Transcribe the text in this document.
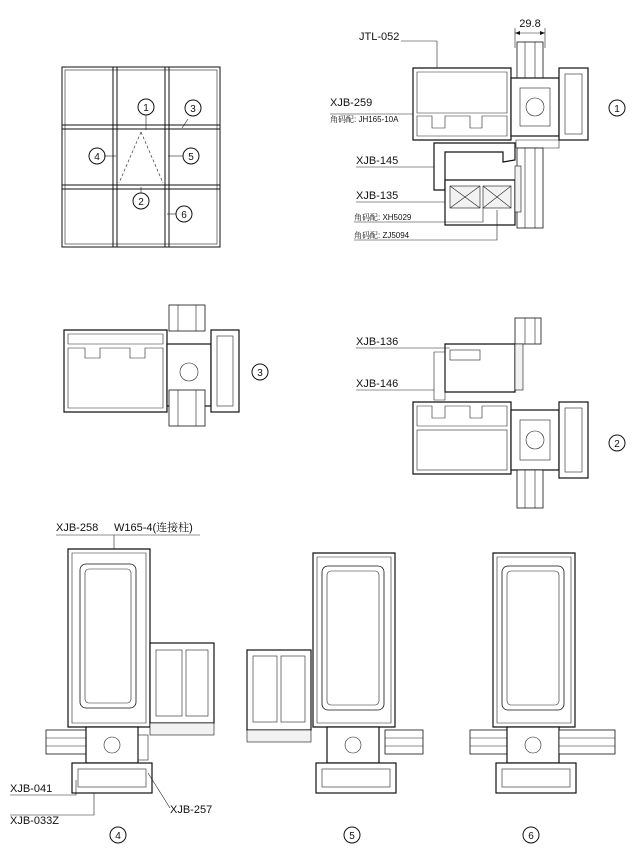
1	3
4	5
2
6
29.8
JTL-052
XJB-259
角码配: JH165-10A
XJB-145
XJB-135
角码配: XH5029
角码配: ZJ5094
1
3
XJB-136
XJB-146
2
XJB-258 W165-4(连接柱)
XJB-041
XJB-033Z
XJB-257
4	5	6
